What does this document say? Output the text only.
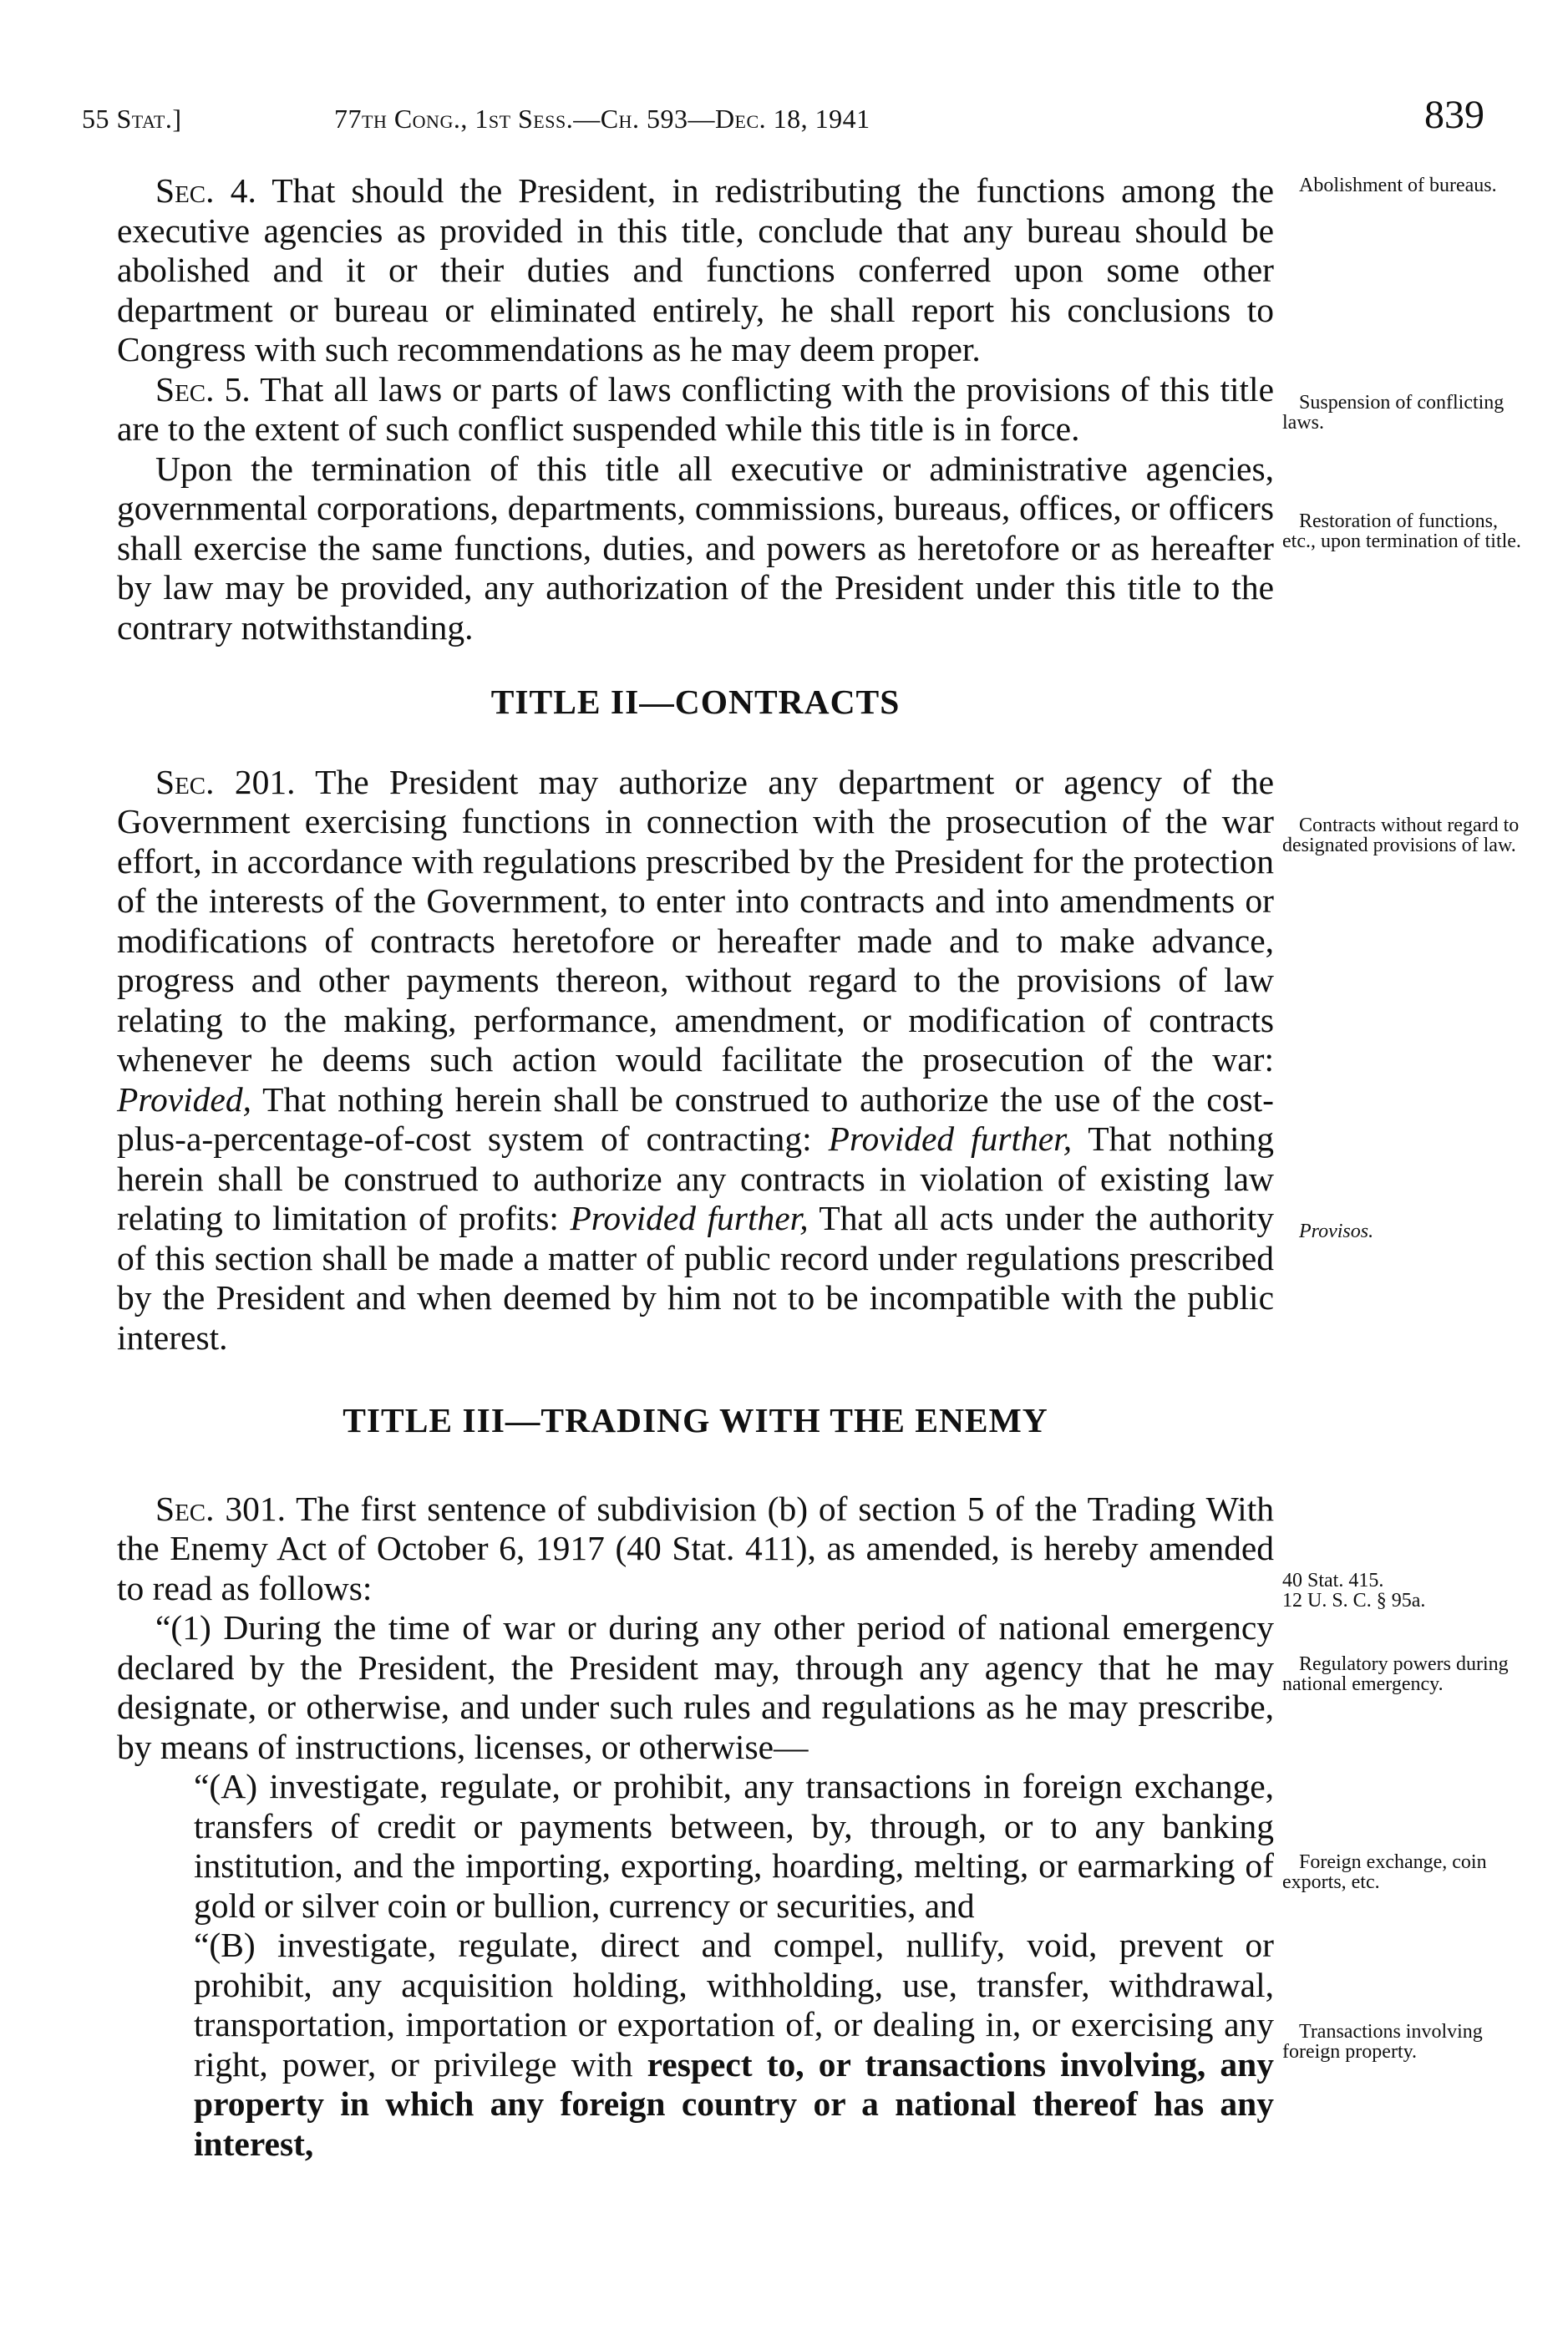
55 Stat.]	77th Cong., 1st Sess.—Ch. 593—Dec. 18, 1941	839

Sec. 4. That should the President, in redistributing the functions among the executive agencies as provided in this title, conclude that any bureau should be abolished and it or their duties and functions conferred upon some other department or bureau or eliminated entirely, he shall report his conclusions to Congress with such recommendations as he may deem proper.

Sec. 5. That all laws or parts of laws conflicting with the provisions of this title are to the extent of such conflict suspended while this title is in force.

Upon the termination of this title all executive or administrative agencies, governmental corporations, departments, commissions, bureaus, offices, or officers shall exercise the same functions, duties, and powers as heretofore or as hereafter by law may be provided, any authorization of the President under this title to the contrary notwithstanding.

TITLE II—CONTRACTS

Sec. 201. The President may authorize any department or agency of the Government exercising functions in connection with the prosecution of the war effort, in accordance with regulations prescribed by the President for the protection of the interests of the Government, to enter into contracts and into amendments or modifications of contracts heretofore or hereafter made and to make advance, progress and other payments thereon, without regard to the provisions of law relating to the making, performance, amendment, or modification of contracts whenever he deems such action would facilitate the prosecution of the war: Provided, That nothing herein shall be construed to authorize the use of the cost-plus-a-percentage-of-cost system of contracting: Provided further, That nothing herein shall be construed to authorize any contracts in violation of existing law relating to limitation of profits: Provided further, That all acts under the authority of this section shall be made a matter of public record under regulations prescribed by the President and when deemed by him not to be incompatible with the public interest.

TITLE III—TRADING WITH THE ENEMY

Sec. 301. The first sentence of subdivision (b) of section 5 of the Trading With the Enemy Act of October 6, 1917 (40 Stat. 411), as amended, is hereby amended to read as follows:

“(1) During the time of war or during any other period of national emergency declared by the President, the President may, through any agency that he may designate, or otherwise, and under such rules and regulations as he may prescribe, by means of instructions, licenses, or otherwise—

“(A) investigate, regulate, or prohibit, any transactions in foreign exchange, transfers of credit or payments between, by, through, or to any banking institution, and the importing, exporting, hoarding, melting, or earmarking of gold or silver coin or bullion, currency or securities, and

“(B) investigate, regulate, direct and compel, nullify, void, prevent or prohibit, any acquisition holding, withholding, use, transfer, withdrawal, transportation, importation or exportation of, or dealing in, or exercising any right, power, or privilege with respect to, or transactions involving, any property in which any foreign country or a national thereof has any interest,

Abolishment of bureaus.
Suspension of conflicting laws.
Restoration of functions, etc., upon termination of title.
Contracts without regard to designated provisions of law.
Provisos.
40 Stat. 415.
12 U. S. C. § 95a.
Regulatory powers during national emergency.
Foreign exchange, coin exports, etc.
Transactions involving foreign property.
